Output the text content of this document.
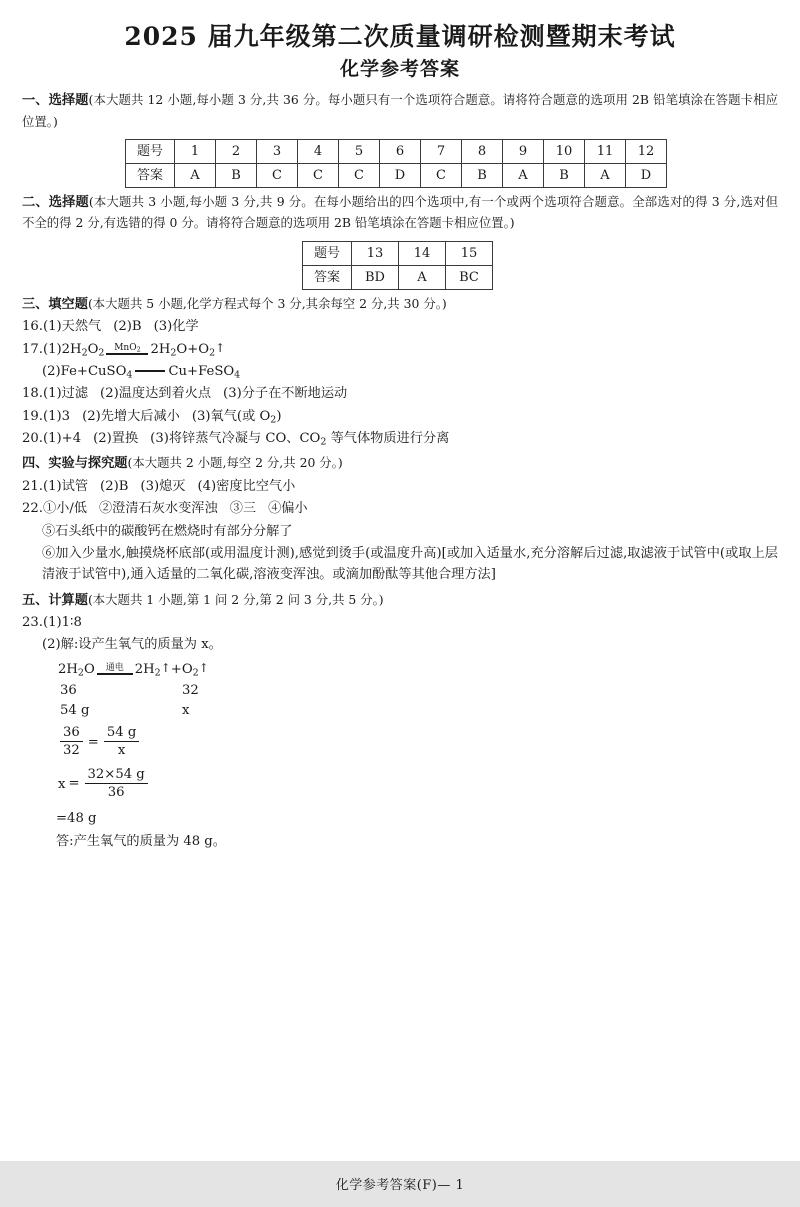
2025 届九年级第二次质量调研检测暨期末考试
化学参考答案
一、选择题(本大题共 12 小题,每小题 3 分,共 36 分。每小题只有一个选项符合题意。请将符合题意的选项用 2B 铅笔填涂在答题卡相应位置。)
题号	1	2	3	4	5	6	7	8	9	10	11	12
答案	A	B	C	C	C	D	C	B	A	B	A	D
二、选择题(本大题共 3 小题,每小题 3 分,共 9 分。在每小题给出的四个选项中,有一个或两个选项符合题意。全部选对的得 3 分,选对但不全的得 2 分,有选错的得 0 分。请将符合题意的选项用 2B 铅笔填涂在答题卡相应位置。)
题号	13	14	15
答案	BD	A	BC
三、填空题(本大题共 5 小题,化学方程式每个 3 分,其余每空 2 分,共 30 分。)
16.(1)天然气 (2)B (3)化学
$17.(1)2H_2O_2$	MnO$_2$ $2H_2O+O_2↑$
(2)Fe+CuSO$_4$	Cu+FeSO$_4$
18.(1)过滤 (2)温度达到着火点 (3)分子在不断地运动
19.(1)3 (2)先增大后减小 (3)氧气(或 $O_2$)
20.(1)+4 (2)置换 (3)将锌蒸气冷凝与 CO、$CO_2$ 等气体物质进行分离
四、实验与探究题(本大题共 2 小题,每空 2 分,共 20 分。)
21.(1)试管 (2)B (3)熄灭 (4)密度比空气小
22.①小/低 ②澄清石灰水变浑浊 ③三 ④偏小
⑤石头纸中的碳酸钙在燃烧时有部分分解了
⑥加入少量水,触摸烧杯底部(或用温度计测),感觉到烫手(或温度升高)[或加入适量水,充分溶解后过滤,取滤液于试管中(或取上层清液于试管中),通入适量的二氧化碳,溶液变浑浊。或滴加酚酞等其他合理方法]
五、计算题(本大题共 1 小题,第 1 问 2 分,第 2 问 3 分,共 5 分。)
23.(1)1∶8
(2)解:设产生氧气的质量为 x。
$2H_2O$	通电 $2H_2↑+O_2↑$
36	32
54 g	x
$\frac{36}{32} = \frac{54 g}{x}$
$x = \frac{32\times 54 g}{36}$
=48 g
答:产生氧气的质量为 48 g。
化学参考答案(F)— 1
